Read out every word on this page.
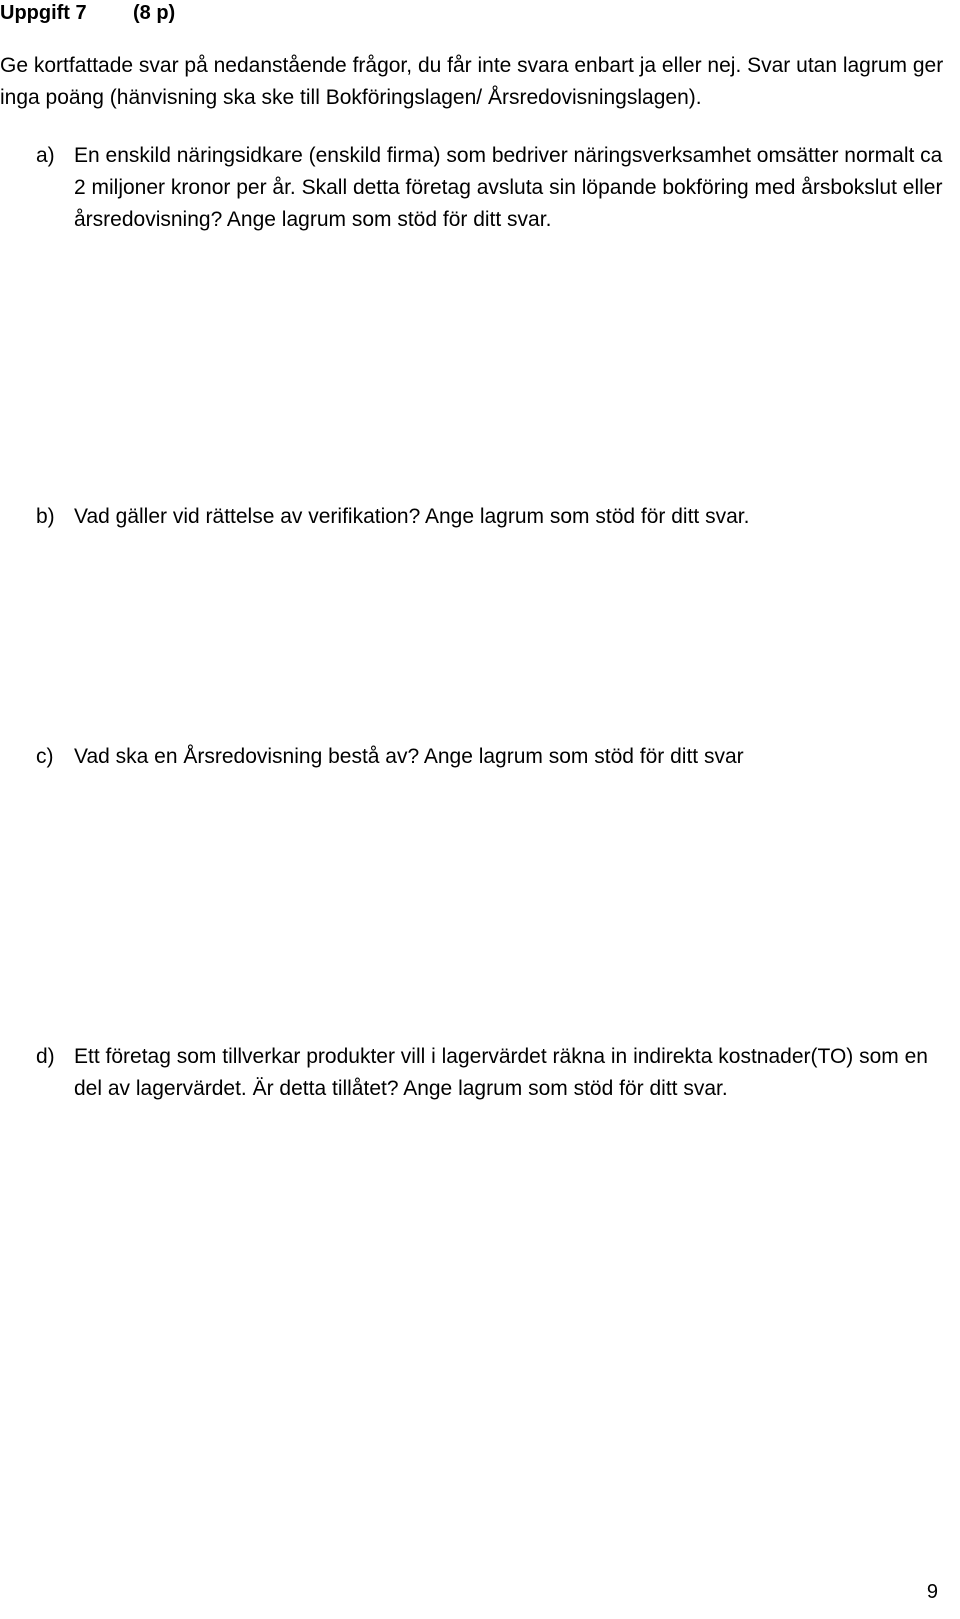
Uppgift 7 (8 p)

Ge kortfattade svar på nedanstående frågor, du får inte svara enbart ja eller nej. Svar utan lagrum ger inga poäng (hänvisning ska ske till Bokföringslagen/ Årsredovisningslagen).

a) En enskild näringsidkare (enskild firma) som bedriver näringsverksamhet omsätter normalt ca 2 miljoner kronor per år. Skall detta företag avsluta sin löpande bokföring med årsbokslut eller årsredovisning? Ange lagrum som stöd för ditt svar.

b) Vad gäller vid rättelse av verifikation? Ange lagrum som stöd för ditt svar.

c) Vad ska en Årsredovisning bestå av? Ange lagrum som stöd för ditt svar

d) Ett företag som tillverkar produkter vill i lagervärdet räkna in indirekta kostnader(TO) som en del av lagervärdet. Är detta tillåtet? Ange lagrum som stöd för ditt svar.

9
